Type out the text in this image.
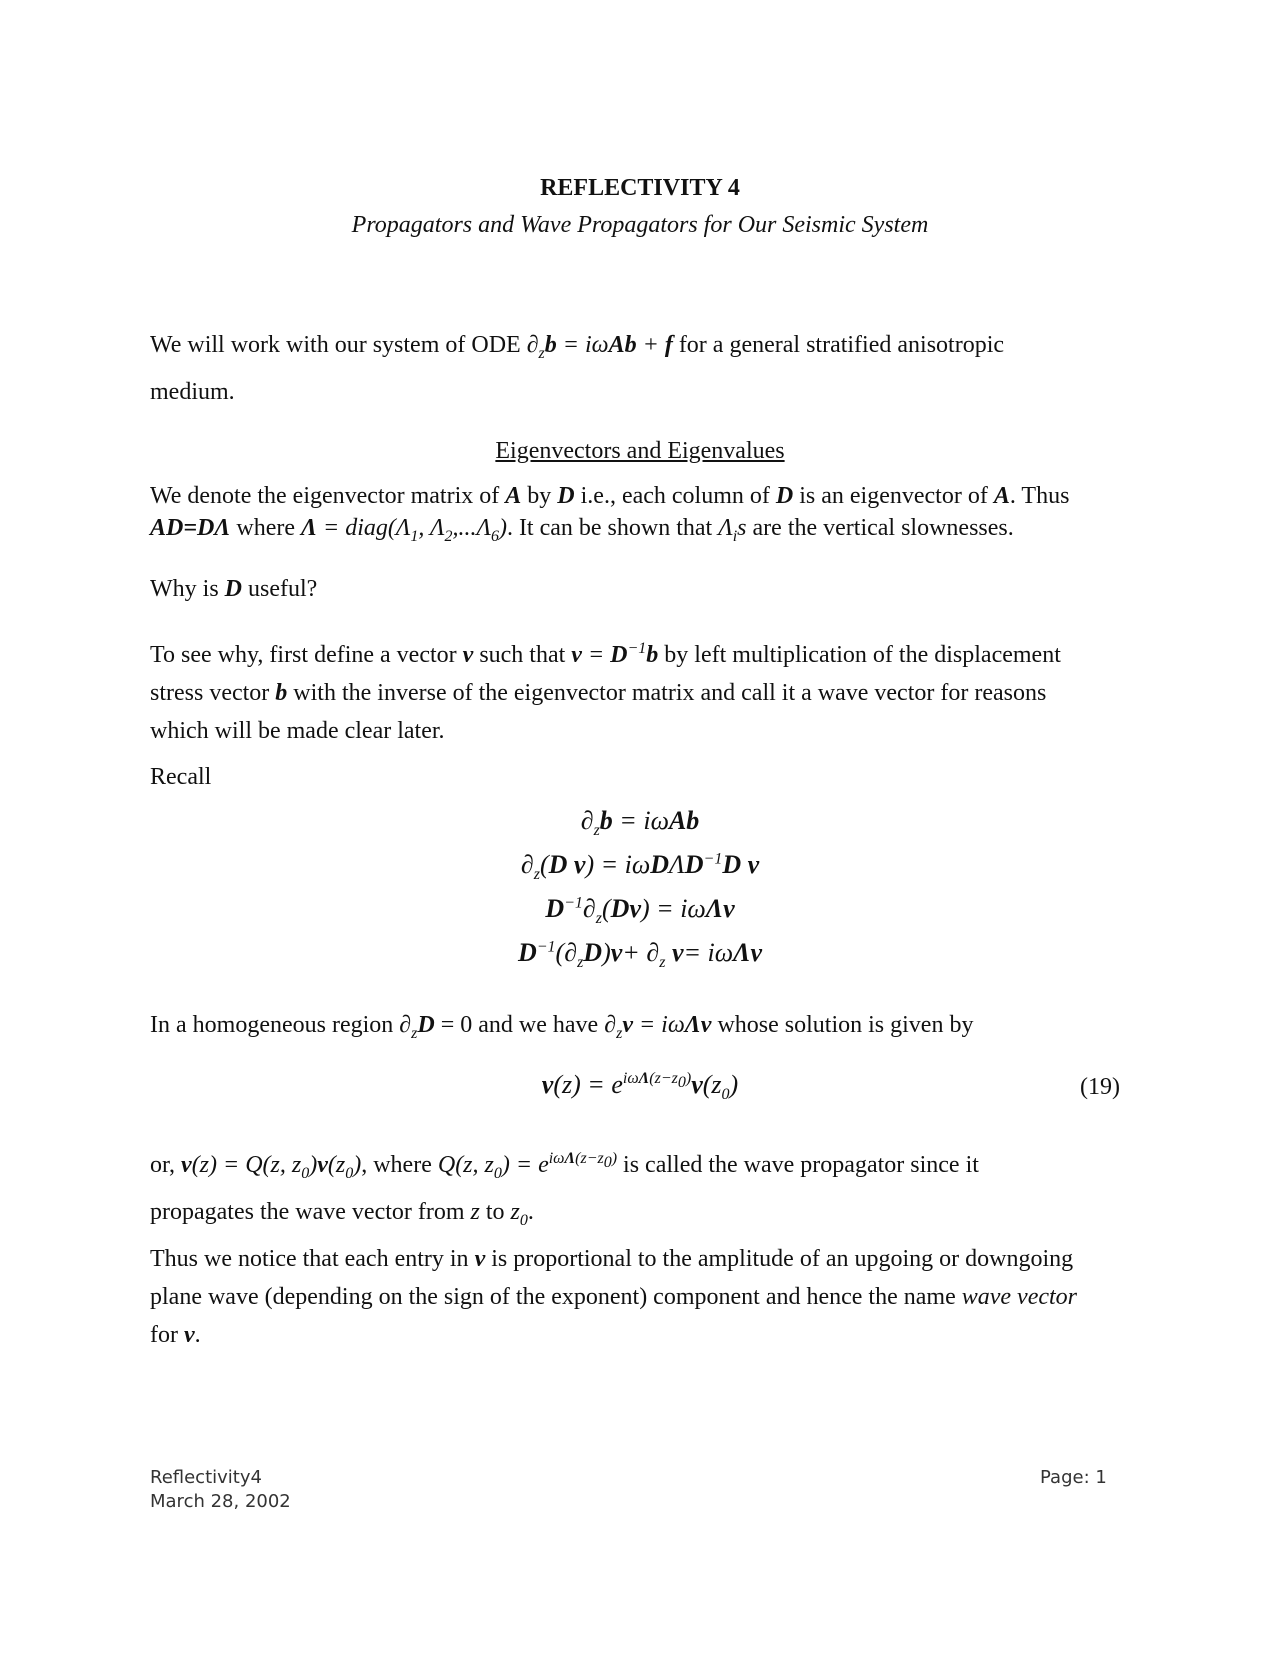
REFLECTIVITY 4
Propagators and Wave Propagators for Our Seismic System
We will work with our system of ODE $\partial_zb = i\omega Ab + f$ for a general stratified anisotropic
medium.
Eigenvectors and Eigenvalues
We denote the eigenvector matrix of A by D i.e., each column of D is an eigenvector of A. Thus
AD=DΛ where $\Lambda = diag(\Lambda_1$, $\Lambda_2,...\Lambda_6$). It can be shown that $\Lambda_is$ are the vertical slownesses.
Why is D useful?
To see why, first define a vector v such that $v = D^{-1}b$ by left multiplication of the displacement
stress vector b with the inverse of the eigenvector matrix and call it a wave vector for reasons
which will be made clear later.
Recall
$\partial_zb = i\omega Ab$
$\partial_z(D$ v) = iωDΛD$^{-1}$D v
$D^{-1}\partial_z(Dv) = i\omega\Lambda v$
$D^{-1}(\partial_zD)v+ \partial_z$ v= iωΛv
In a homogeneous region $\partial_zD = 0$ and we have $\partial_zv = i\omega\Lambda v$ whose solution is given by
$v(z) = e^{i\omega\Lambda(z-z_0)}v(z_0)$	(19)
or, v(z) = Q(z, $z_0)v(z_0)$, where Q(z, $z_0) = e^{i\omega\Lambda(z-z_0)}$ is called the wave propagator since it
propagates the wave vector from z to $z_0$.
Thus we notice that each entry in v is proportional to the amplitude of an upgoing or downgoing
plane wave (depending on the sign of the exponent) component and hence the name wave vector
for v.
Reflectivity4
March 28, 2002
Page: 1
